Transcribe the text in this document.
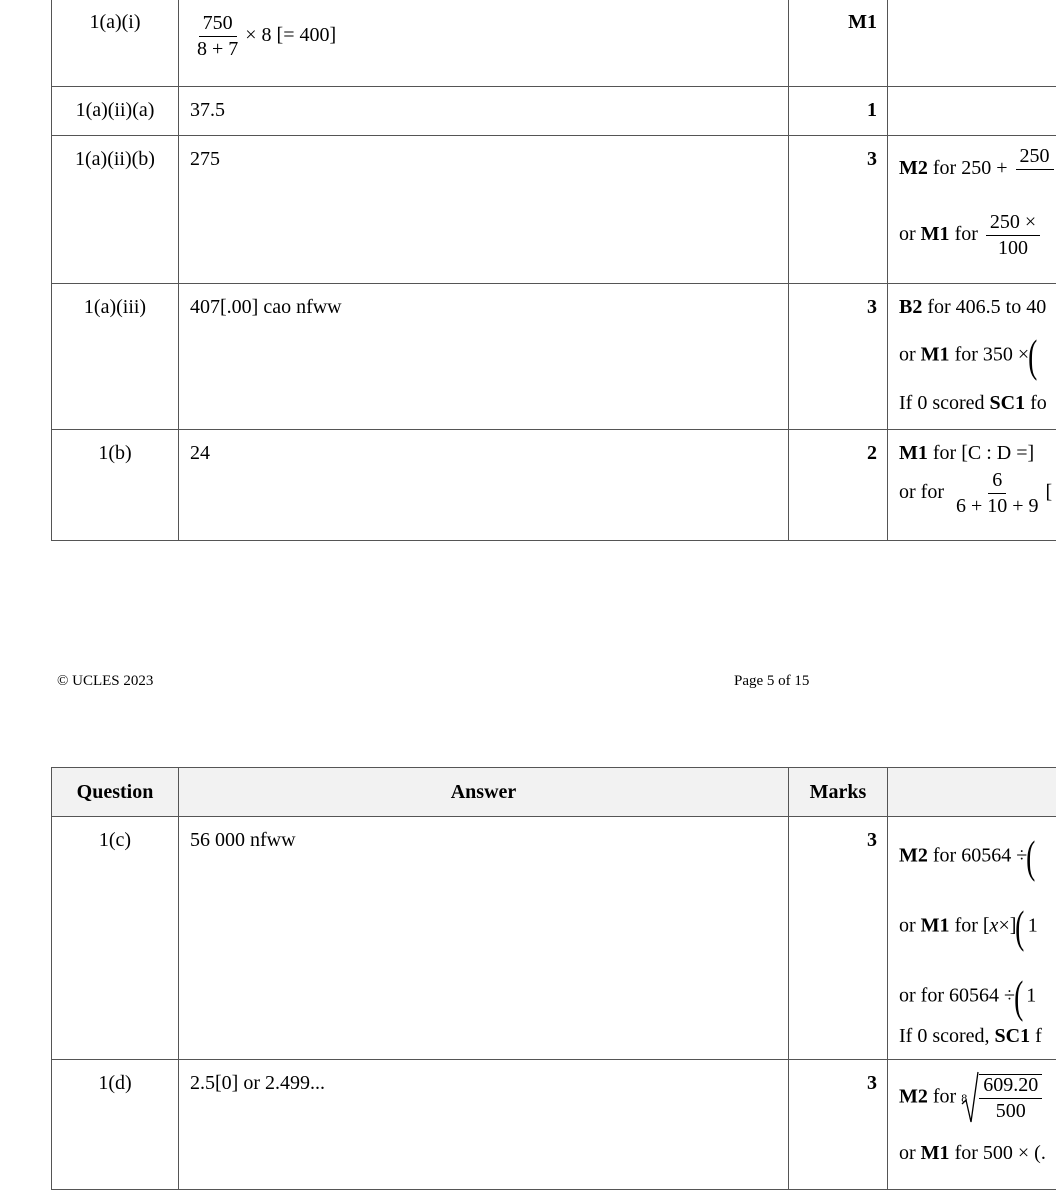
1(a)(i)	$\frac{750}{8 + 7} \times 8$ [= 400]	M1	
1(a)(ii)(a)	37.5	1	
1(a)(ii)(b)	275	3	M2 for 250 +
250

or M1 for $\frac{250 \times}{100}$

1(a)(iii)	407[.00] cao nfww	3	B2 for 406.5 to 40
or M1 for 350 ×(
If 0 scored SC1 fo

1(b)	24	2	M1 for [C : D =]
or for $\frac{6}{6 + 10 + 9}$ [
© UCLES 2023	Page 5 of 15
Question	Answer	Marks	
1(c)	56 000 nfww	3	M2 for 60564 ÷(
or M1 for [x×]( 1
or for 60564 ÷( 1
If 0 scored, SC1 f

1(d)	2.5[0] or 2.499...	3	M2 for $8 \frac{609.20}{500}$
or M1 for 500 × (.
